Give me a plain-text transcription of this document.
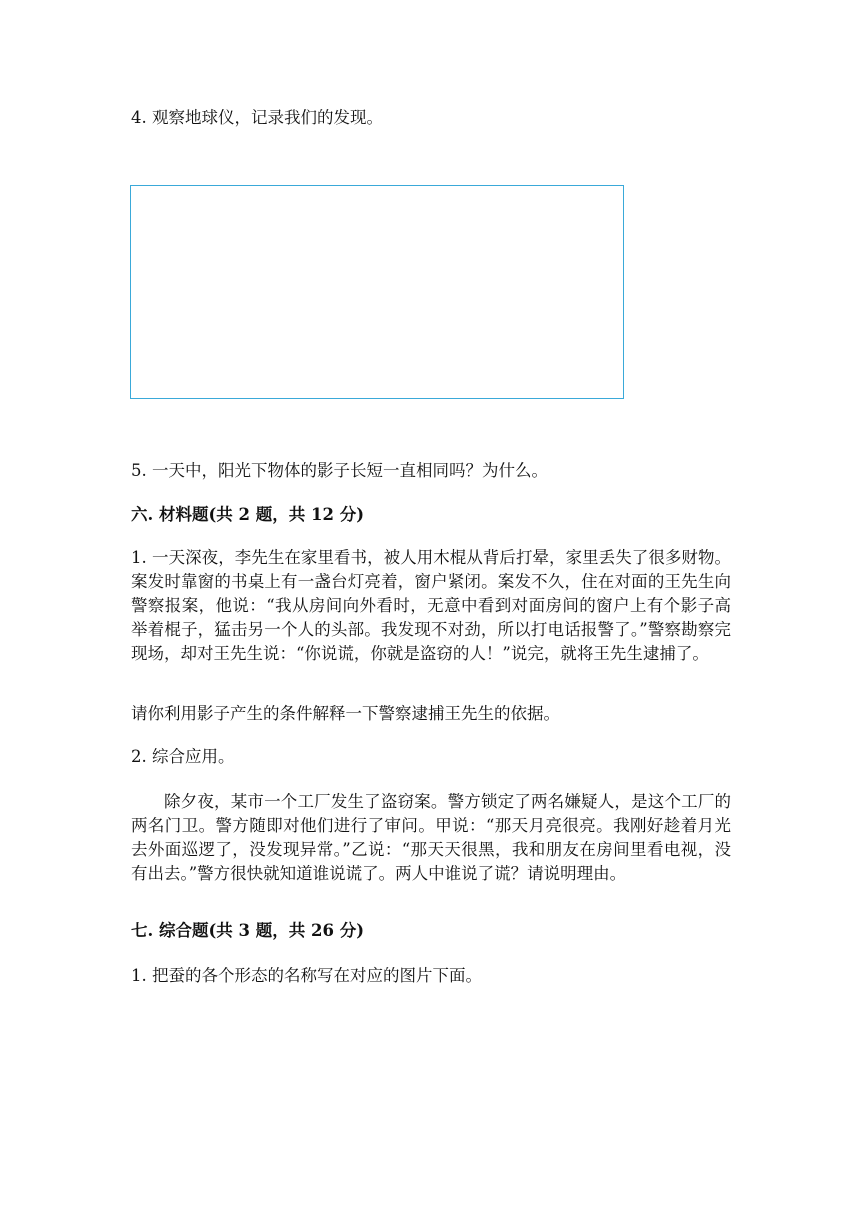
4. 观察地球仪，记录我们的发现。

5. 一天中，阳光下物体的影子长短一直相同吗？为什么。

六. 材料题(共 2 题，共 12 分)

1. 一天深夜，李先生在家里看书，被人用木棍从背后打晕，家里丢失了很多财物。案发时靠窗的书桌上有一盏台灯亮着，窗户紧闭。案发不久，住在对面的王先生向警察报案，他说：“我从房间向外看时，无意中看到对面房间的窗户上有个影子高举着棍子，猛击另一个人的头部。我发现不对劲，所以打电话报警了。”警察勘察完现场，却对王先生说：“你说谎，你就是盗窃的人！”说完，就将王先生逮捕了。

请你利用影子产生的条件解释一下警察逮捕王先生的依据。

2. 综合应用。

除夕夜，某市一个工厂发生了盗窃案。警方锁定了两名嫌疑人，是这个工厂的两名门卫。警方随即对他们进行了审问。甲说：“那天月亮很亮。我刚好趁着月光去外面巡逻了，没发现异常。”乙说：“那天天很黑，我和朋友在房间里看电视，没有出去。”警方很快就知道谁说谎了。两人中谁说了谎？请说明理由。

七. 综合题(共 3 题，共 26 分)

1. 把蚕的各个形态的名称写在对应的图片下面。
